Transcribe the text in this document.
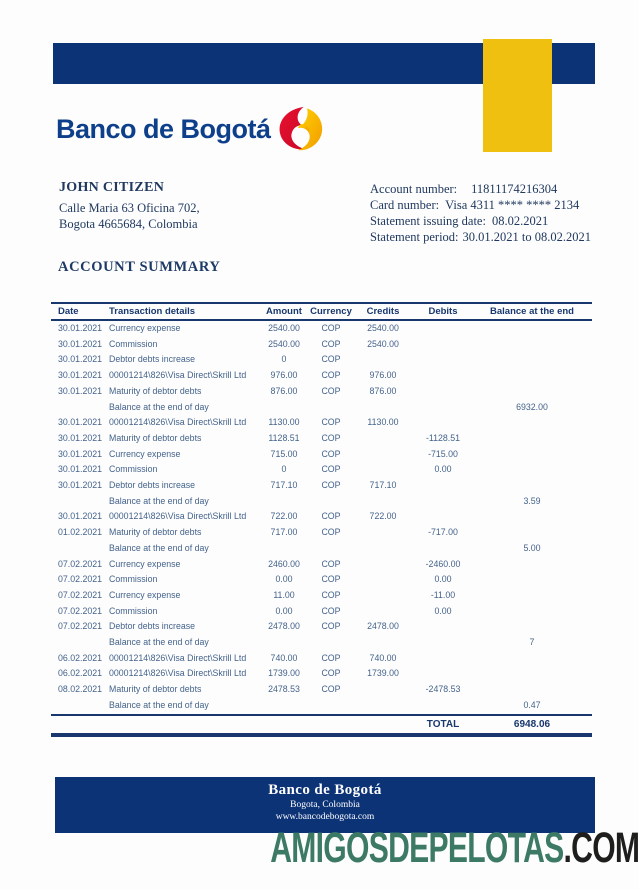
Banco de Bogotá
JOHN CITIZEN
Calle Maria 63 Oficina 702,
Bogota 4665684, Colombia
Account number: 11811174216304
Card number: Visa 4311 **** **** 2134
Statement issuing date: 08.02.2021
Statement period: 30.01.2021 to 08.02.2021
ACCOUNT SUMMARY
Date	Transaction details	Amount	Currency	Credits	Debits	Balance at the end
30.01.2021	Currency expense	2540.00	COP	2540.00		
30.01.2021	Commission	2540.00	COP	2540.00		
30.01.2021	Debtor debts increase	0	COP			
30.01.2021	00001214\826\Visa Direct\Skrill Ltd	976.00	COP	976.00		
30.01.2021	Maturity of debtor debts	876.00	COP	876.00		
	Balance at the end of day					6932.00
30.01.2021	00001214\826\Visa Direct\Skrill Ltd	1130.00	COP	1130.00		
30.01.2021	Maturity of debtor debts	1128.51	COP		-1128.51	
30.01.2021	Currency expense	715.00	COP		-715.00	
30.01.2021	Commission	0	COP		0.00	
30.01.2021	Debtor debts increase	717.10	COP	717.10		
	Balance at the end of day					3.59
30.01.2021	00001214\826\Visa Direct\Skrill Ltd	722.00	COP	722.00		
01.02.2021	Maturity of debtor debts	717.00	COP		-717.00	
	Balance at the end of day					5.00
07.02.2021	Currency expense	2460.00	COP		-2460.00	
07.02.2021	Commission	0.00	COP		0.00	
07.02.2021	Currency expense	11.00	COP		-11.00	
07.02.2021	Commission	0.00	COP		0.00	
07.02.2021	Debtor debts increase	2478.00	COP	2478.00		
	Balance at the end of day					7
06.02.2021	00001214\826\Visa Direct\Skrill Ltd	740.00	COP	740.00		
06.02.2021	00001214\826\Visa Direct\Skrill Ltd	1739.00	COP	1739.00		
08.02.2021	Maturity of debtor debts	2478.53	COP		-2478.53	
	Balance at the end of day					0.47
					TOTAL	6948.06
Banco de Bogotá
Bogota, Colombia
www.bancodebogota.com
AMIGOSDEPELOTAS.COM
